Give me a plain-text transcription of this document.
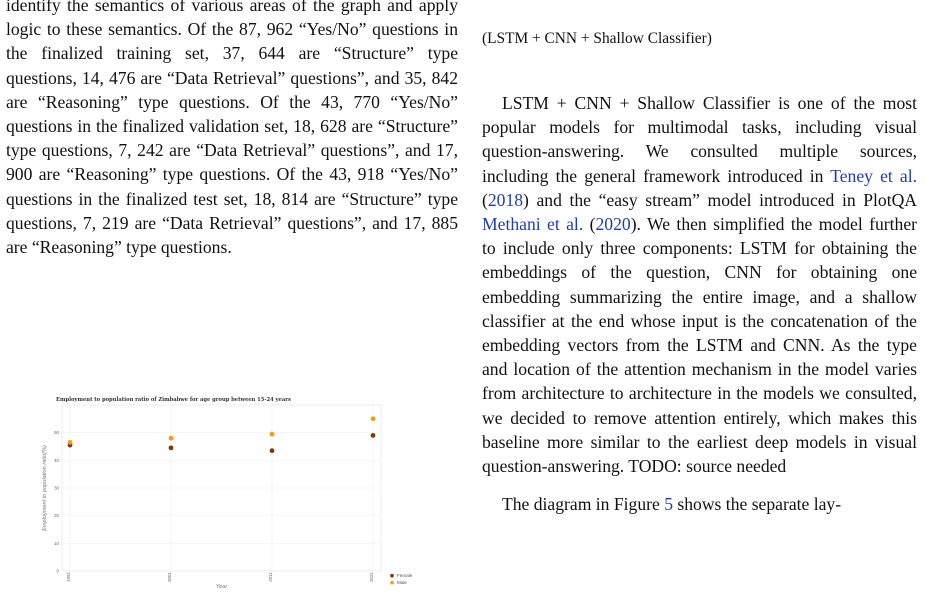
identify the semantics of various areas of the graph and apply logic to these semantics. Of the 87, 962 “Yes/No” questions in the finalized training set, 37, 644 are “Structure” type questions, 14, 476 are “Data Retrieval” questions”, and 35, 842 are “Reasoning” type questions. Of the 43, 770 “Yes/No” questions in the finalized validation set, 18, 628 are “Structure” type questions, 7, 242 are “Data Retrieval” questions”, and 17, 900 are “Reasoning” type questions. Of the 43, 918 “Yes/No” questions in the finalized test set, 18, 814 are “Structure” type questions, 7, 219 are “Data Retrieval” questions”, and 17, 885 are “Reasoning” type questions.

Employment to population ratio of Zimbabwe for age group between 15-24 years
0
10
20
30
40
50
1991	2001	2011	2021
Year
Employment to population ratio(%)
Female
Male

(LSTM + CNN + Shallow Classifier)

LSTM + CNN + Shallow Classifier is one of the most popular models for multimodal tasks, including visual question-answering. We consulted multiple sources, including the general framework introduced in Teney et al. (2018) and the “easy stream” model introduced in PlotQA Methani et al. (2020). We then simplified the model further to include only three components: LSTM for obtaining the embeddings of the question, CNN for obtaining one embedding summarizing the entire image, and a shallow classifier at the end whose input is the concatenation of the embedding vectors from the LSTM and CNN. As the type and location of the attention mechanism in the model varies from architecture to architecture in the models we consulted, we decided to remove attention entirely, which makes this baseline more similar to the earliest deep models in visual question-answering. TODO: source needed

The diagram in Figure 5 shows the separate lay-
